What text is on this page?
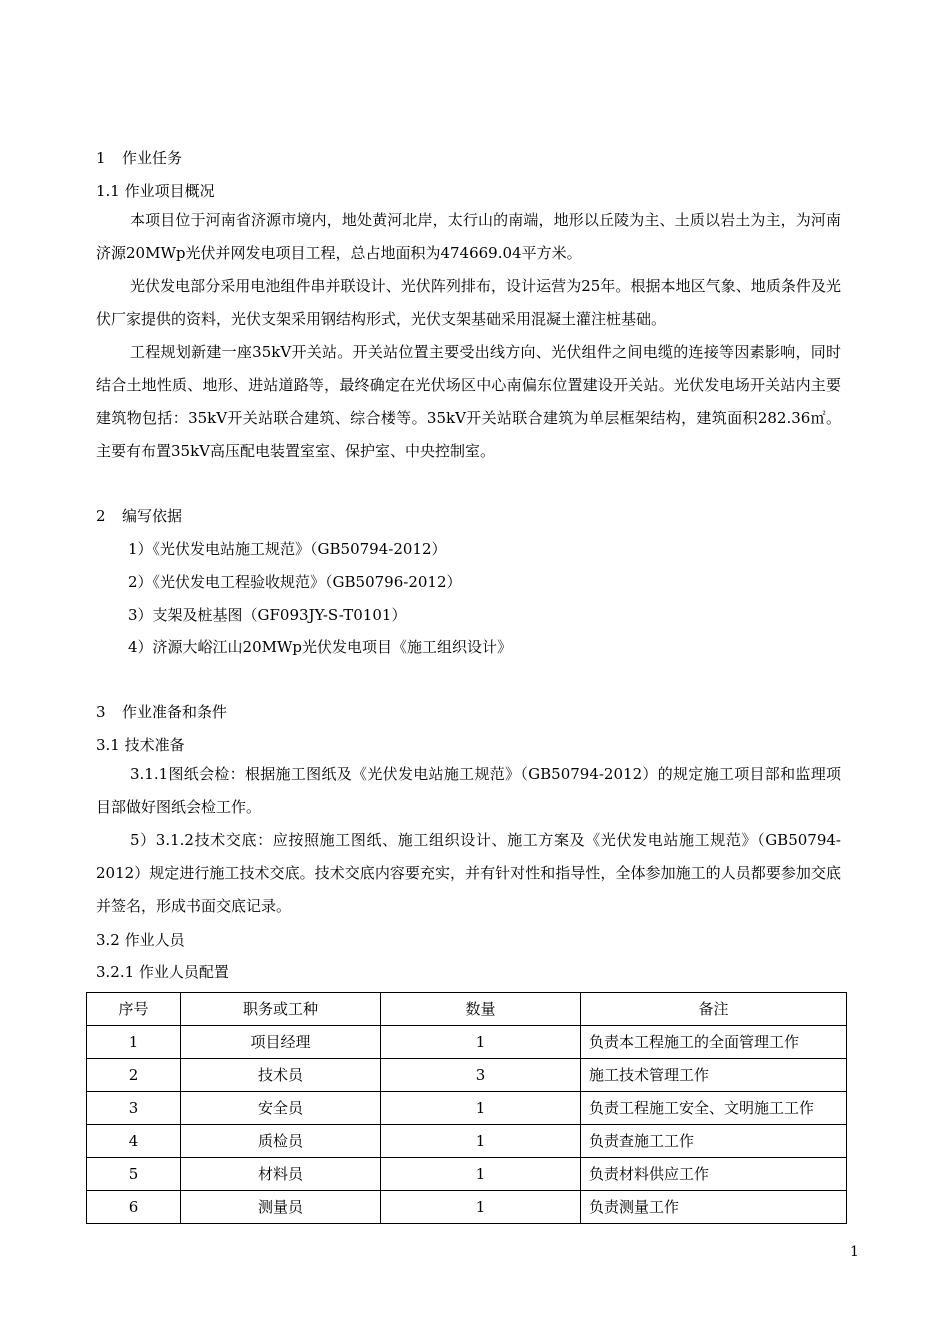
1 作业任务
1.1 作业项目概况
本项目位于河南省济源市境内，地处黄河北岸，太行山的南端，地形以丘陵为主、土质以岩土为主，为河南济源20MWp光伏并网发电项目工程，总占地面积为474669.04平方米。
光伏发电部分采用电池组件串并联设计、光伏阵列排布，设计运营为25年。根据本地区气象、地质条件及光伏厂家提供的资料，光伏支架采用钢结构形式，光伏支架基础采用混凝土灌注桩基础。
工程规划新建一座35kV开关站。开关站位置主要受出线方向、光伏组件之间电缆的连接等因素影响，同时结合土地性质、地形、进站道路等，最终确定在光伏场区中心南偏东位置建设开关站。光伏发电场开关站内主要建筑物包括：35kV开关站联合建筑、综合楼等。35kV开关站联合建筑为单层框架结构，建筑面积282.36㎡。主要有布置35kV高压配电装置室室、保护室、中央控制室。
2 编写依据
1）《光伏发电站施工规范》（GB50794-2012）
2）《光伏发电工程验收规范》（GB50796-2012）
3）支架及桩基图（GF093JY-S-T0101）
4）济源大峪江山20MWp光伏发电项目《施工组织设计》
3 作业准备和条件
3.1 技术准备
3.1.1图纸会检：根据施工图纸及《光伏发电站施工规范》（GB50794-2012）的规定施工项目部和监理项目部做好图纸会检工作。
5）3.1.2技术交底：应按照施工图纸、施工组织设计、施工方案及《光伏发电站施工规范》（GB50794-2012）规定进行施工技术交底。技术交底内容要充实，并有针对性和指导性，全体参加施工的人员都要参加交底并签名，形成书面交底记录。
3.2 作业人员
3.2.1 作业人员配置
序号	职务或工种	数量	备注
1	项目经理	1	负责本工程施工的全面管理工作
2	技术员	3	施工技术管理工作
3	安全员	1	负责工程施工安全、文明施工工作
4	质检员	1	负责查施工工作
5	材料员	1	负责材料供应工作
6	测量员	1	负责测量工作
1
